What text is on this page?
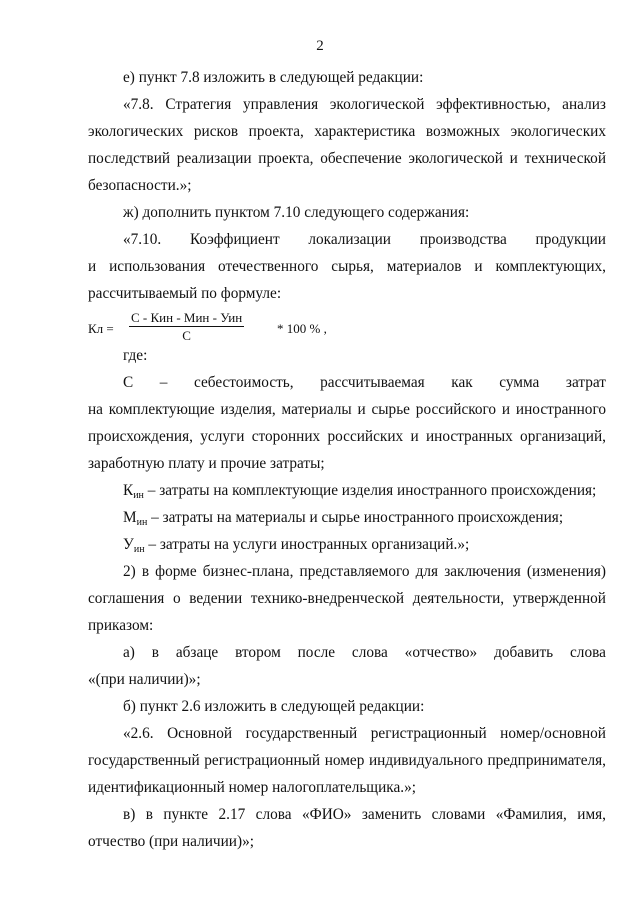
2
е) пункт 7.8 изложить в следующей редакции:
«7.8. Стратегия управления экологической эффективностью, анализ

экологических рисков проекта, характеристика возможных экологических последствий реализации проекта, обеспечение экологической и технической безопасности.»;

ж) дополнить пунктом 7.10 следующего содержания:
«7.10. Коэффициент локализации производства продукции

и использования отечественного сырья, материалов и комплектующих, рассчитываемый по формуле:

Кл =
С - Кин - Мин - Уин
С	* 100 % ,
где:
С – себестоимость, рассчитываемая как сумма затрат

на комплектующие изделия, материалы и сырье российского и иностранного происхождения, услуги сторонних российских и иностранных организаций, заработную плату и прочие затраты;

$К_{ин}$ – затраты на комплектующие изделия иностранного происхождения;
$М_{ин}$ – затраты на материалы и сырье иностранного происхождения;
$У_{ин}$ – затраты на услуги иностранных организаций.»;

2) в форме бизнес-плана, представляемого для заключения (изменения) соглашения о ведении технико-внедренческой деятельности, утвержденной приказом:

а) в абзаце втором после слова «отчество» добавить слова
«(при наличии)»;
б) пункт 2.6 изложить в следующей редакции:

«2.6. Основной государственный регистрационный номер/основной государственный регистрационный номер индивидуального предпринимателя, идентификационный номер налогоплательщика.»;

в) в пункте 2.17 слова «ФИО» заменить словами «Фамилия, имя, отчество (при наличии)»;
